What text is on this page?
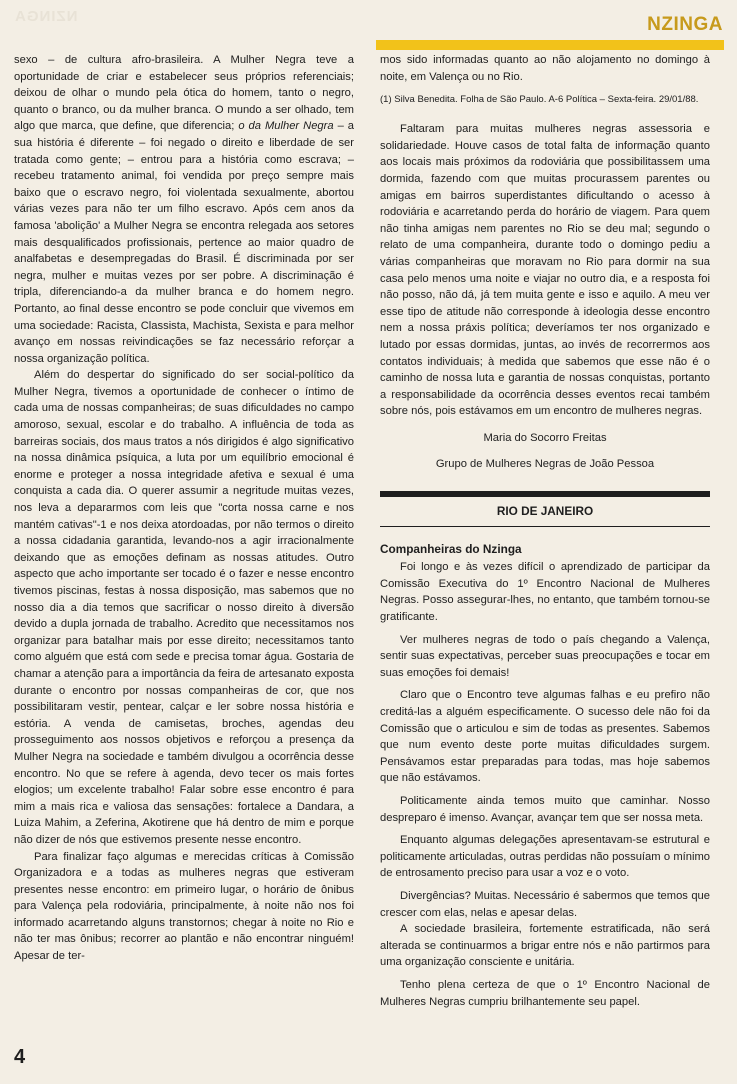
NZINGA	NZINGA

sexo – de cultura afro-brasileira. A Mulher Negra teve a oportunidade de criar e estabelecer seus próprios referenciais; deixou de olhar o mundo pela ótica do homem, tanto o negro, quanto o branco, ou da mulher branca. O mundo a ser olhado, tem algo que marca, que define, que diferencia; o da Mulher Negra – a sua história é diferente – foi negado o direito e liberdade de ser tratada como gente; – entrou para a história como escrava; – recebeu tratamento animal, foi vendida por preço sempre mais baixo que o escravo negro, foi violentada sexualmente, abortou várias vezes para não ter um filho escravo. Após cem anos da famosa 'abolição' a Mulher Negra se encontra relegada aos setores mais desqualificados profissionais, pertence ao maior quadro de analfabetas e desempregadas do Brasil. É discriminada por ser negra, mulher e muitas vezes por ser pobre. A discriminação é tripla, diferenciando-a da mulher branca e do homem negro. Portanto, ao final desse encontro se pode concluir que vivemos em uma sociedade: Racista, Classista, Machista, Sexista e para melhor avanço em nossas reivindicações se faz necessário reforçar a nossa organização política.

Além do despertar do significado do ser social-político da Mulher Negra, tivemos a oportunidade de conhecer o íntimo de cada uma de nossas companheiras; de suas dificuldades no campo amoroso, sexual, escolar e do trabalho. A influência de toda as barreiras sociais, dos maus tratos a nós dirigidos é algo significativo na nossa dinâmica psíquica, a luta por um equilíbrio emocional é enorme e proteger a nossa integridade afetiva e sexual é uma conquista a cada dia. O querer assumir a negritude muitas vezes, nos leva a depararmos com leis que "corta nossa carne e nos mantém cativas"-1 e nos deixa atordoadas, por não termos o direito a nossa cidadania garantida, levando-nos a agir irracionalmente deixando que as emoções definam as nossas atitudes. Outro aspecto que acho importante ser tocado é o fazer e nesse encontro tivemos piscinas, festas à nossa disposição, mas sabemos que no nosso dia a dia temos que sacrificar o nosso direito à diversão devido a dupla jornada de trabalho. Acredito que necessitamos nos organizar para batalhar mais por esse direito; necessitamos tanto como alguém que está com sede e precisa tomar água. Gostaria de chamar a atenção para a importância da feira de artesanato exposta durante o encontro por nossas companheiras de cor, que nos possibilitaram vestir, pentear, calçar e ler sobre nossa história e estória. A venda de camisetas, broches, agendas deu prosseguimento aos nossos objetivos e reforçou a presença da Mulher Negra na sociedade e também divulgou a ocorrência desse encontro. No que se refere à agenda, devo tecer os mais fortes elogios; um excelente trabalho! Falar sobre esse encontro é para mim a mais rica e valiosa das sensações: fortalece a Dandara, a Luiza Mahim, a Zeferina, Akotirene que há dentro de mim e porque não dizer de nós que estivemos presente nesse encontro.

Para finalizar faço algumas e merecidas críticas à Comissão Organizadora e a todas as mulheres negras que estiveram presentes nesse encontro: em primeiro lugar, o horário de ônibus para Valença pela rodoviária, principalmente, à noite não nos foi informado acarretando alguns transtornos; chegar à noite no Rio e não ter mas ônibus; recorrer ao plantão e não encontrar ninguém! Apesar de ter-

mos sido informadas quanto ao não alojamento no domingo à noite, em Valença ou no Rio.

(1) Silva Benedita. Folha de São Paulo. A-6 Política – Sexta-feira. 29/01/88.

Faltaram para muitas mulheres negras assessoria e solidariedade. Houve casos de total falta de informação quanto aos locais mais próximos da rodoviária que possibilitassem uma dormida, fazendo com que muitas procurassem parentes ou amigas em bairros superdistantes dificultando o acesso à rodoviária e acarretando perda do horário de viagem. Para quem não tinha amigas nem parentes no Rio se deu mal; segundo o relato de uma companheira, durante todo o domingo pediu a várias companheiras que moravam no Rio para dormir na sua casa pelo menos uma noite e viajar no outro dia, e a resposta foi não posso, não dá, já tem muita gente e isso e aquilo. A meu ver esse tipo de atitude não corresponde à ideologia desse encontro nem a nossa práxis política; deveríamos ter nos organizado e lutado por essas dormidas, juntas, ao invés de recorrermos aos contatos individuais; à medida que sabemos que esse não é o caminho de nossa luta e garantia de nossas conquistas, portanto a responsabilidade da ocorrência desses eventos recai também sobre nós, pois estávamos em um encontro de mulheres negras.

Maria do Socorro Freitas

Grupo de Mulheres Negras de João Pessoa

RIO DE JANEIRO

Companheiras do Nzinga

Foi longo e às vezes difícil o aprendizado de participar da Comissão Executiva do 1º Encontro Nacional de Mulheres Negras. Posso assegurar-lhes, no entanto, que também tornou-se gratificante.

Ver mulheres negras de todo o país chegando a Valença, sentir suas expectativas, perceber suas preocupações e tocar em suas emoções foi demais!

Claro que o Encontro teve algumas falhas e eu prefiro não creditá-las a alguém especificamente. O sucesso dele não foi da Comissão que o articulou e sim de todas as presentes. Sabemos que num evento deste porte muitas dificuldades surgem. Pensávamos estar preparadas para todas, mas hoje sabemos que não estávamos.

Politicamente ainda temos muito que caminhar. Nosso despreparo é imenso. Avançar, avançar tem que ser nossa meta.

Enquanto algumas delegações apresentavam-se estrutural e politicamente articuladas, outras perdidas não possuíam o mínimo de entrosamento preciso para usar a voz e o voto.

Divergências? Muitas. Necessário é sabermos que temos que crescer com elas, nelas e apesar delas.

A sociedade brasileira, fortemente estratificada, não será alterada se continuarmos a brigar entre nós e não partirmos para uma organização consciente e unitária.

Tenho plena certeza de que o 1º Encontro Nacional de Mulheres Negras cumpriu brilhantemente seu papel.

4
